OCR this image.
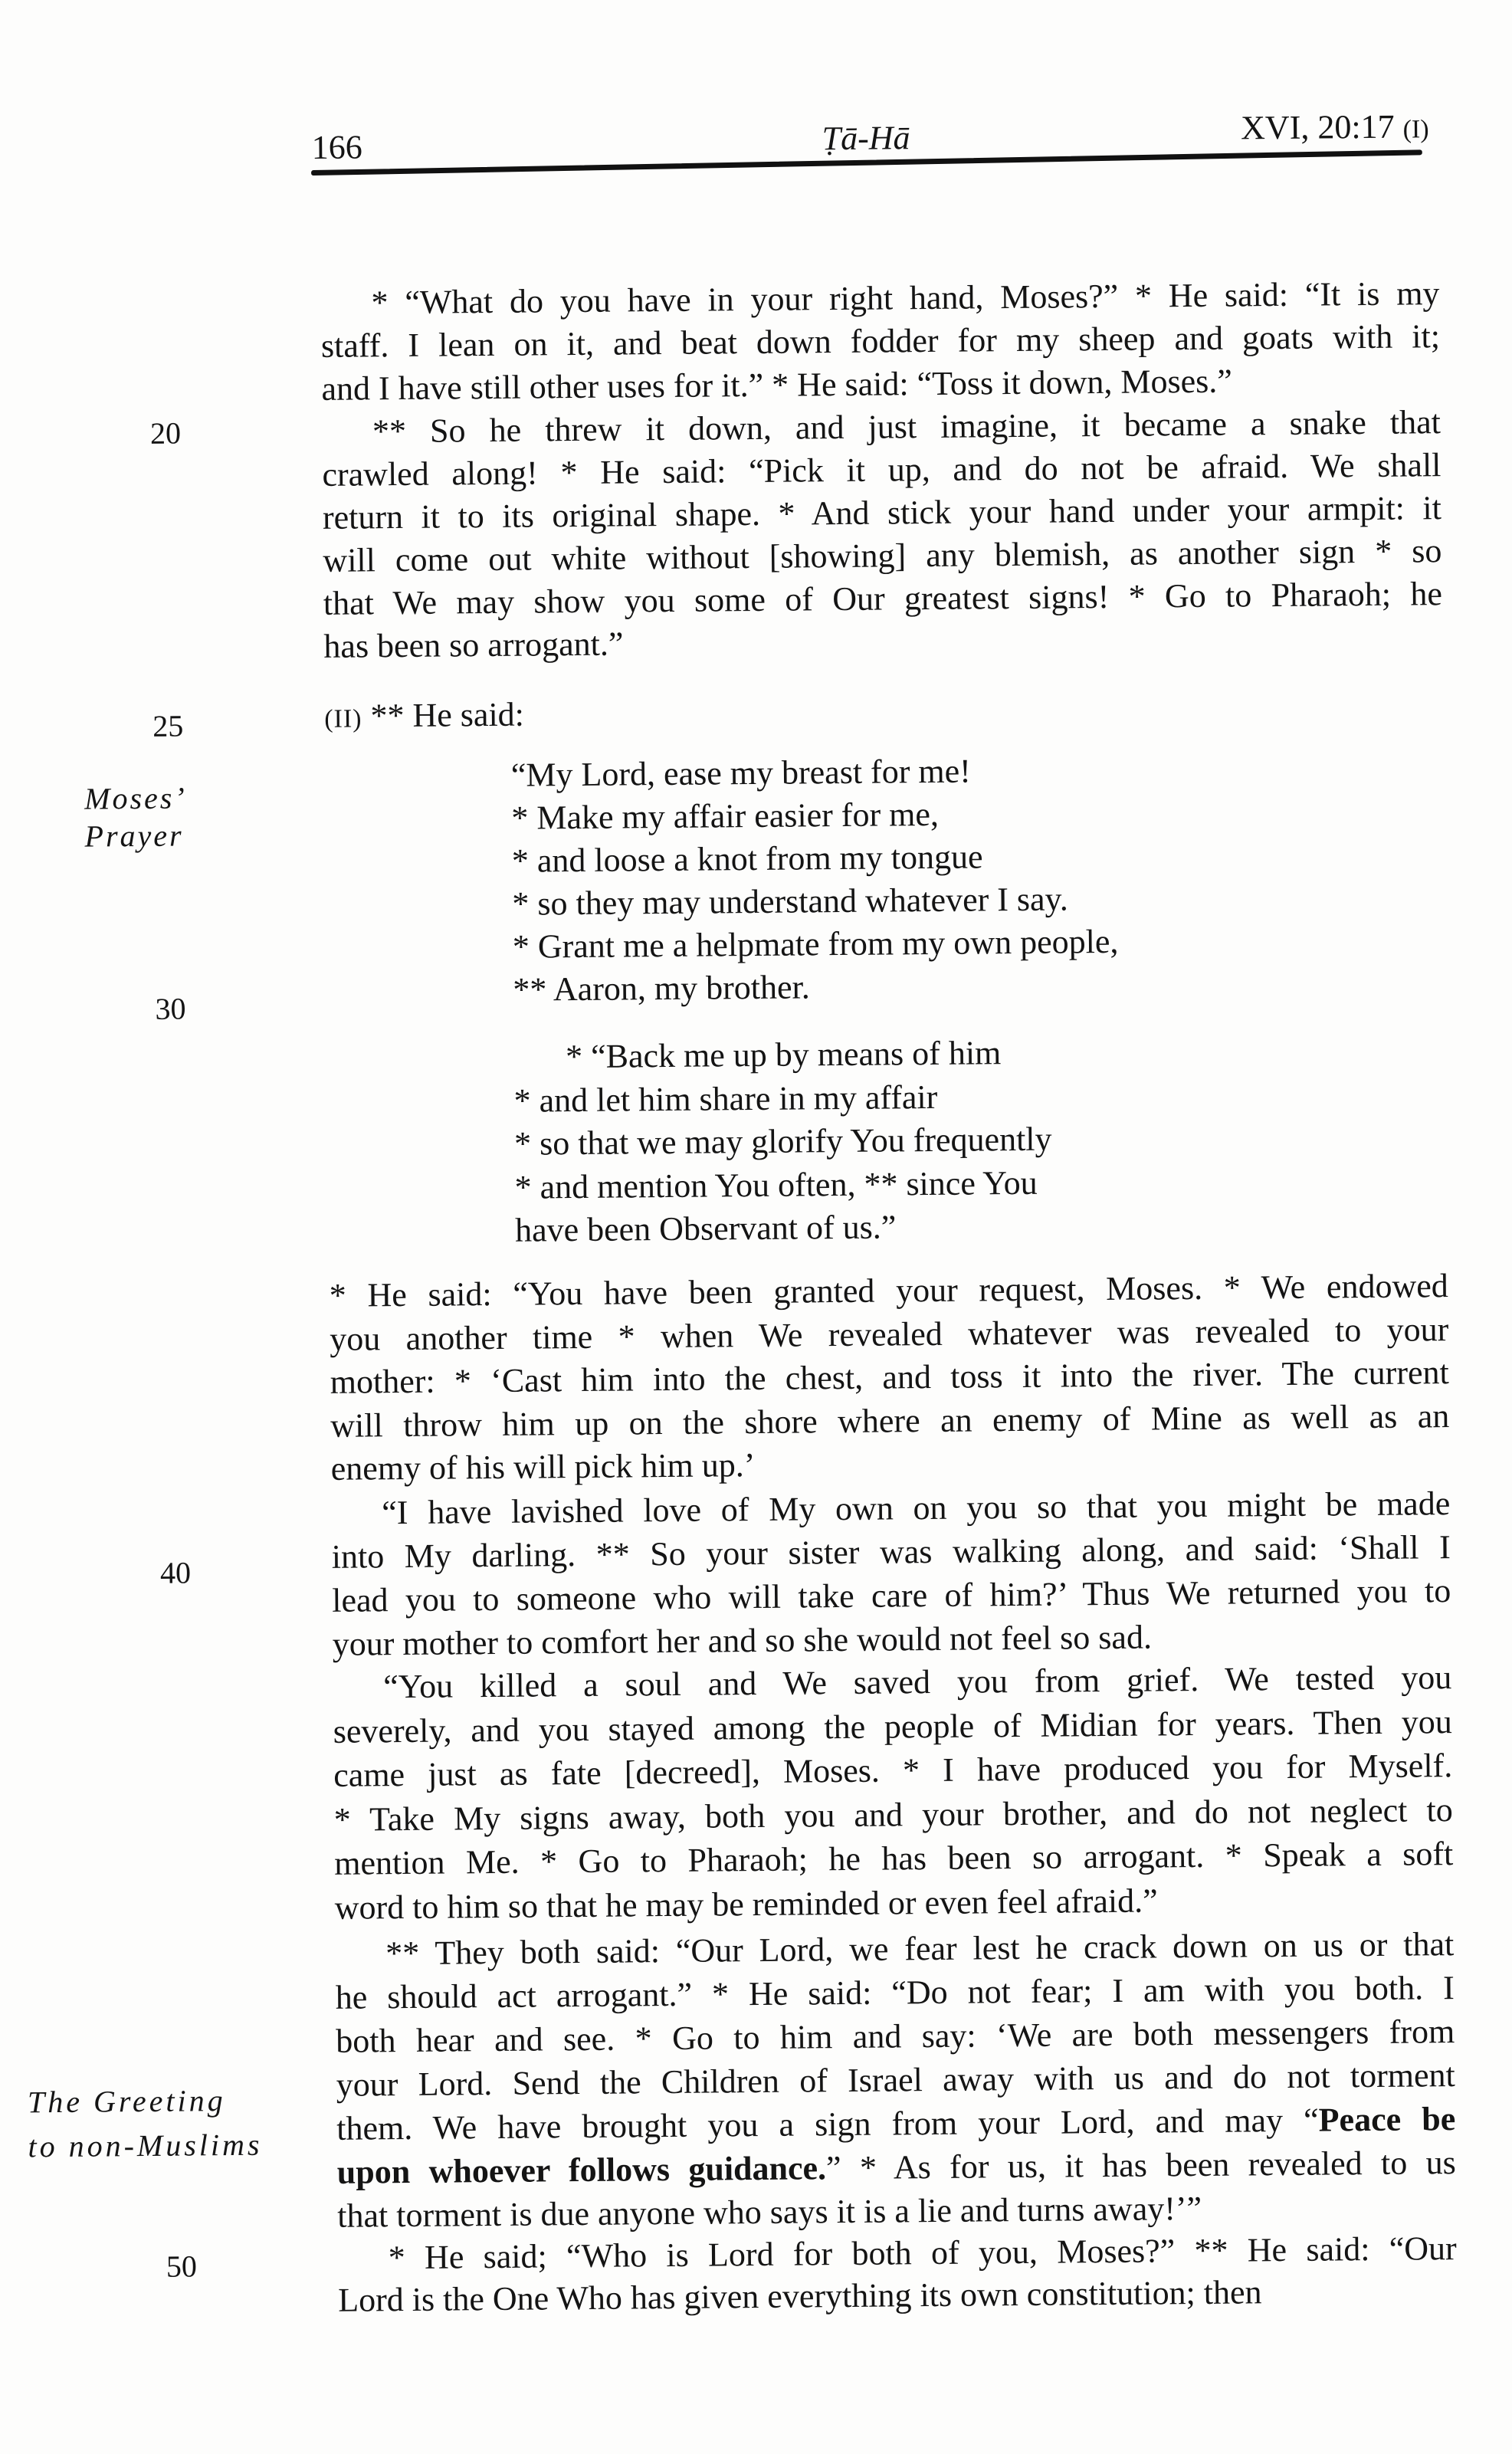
166	Ṭā-Hā	XVI, 20:17 (I)
20
25
30
40
50
Moses’
Prayer
The Greeting
to non-Muslims
* “What do you have in your right hand, Moses?” * He said: “It is my
staff. I lean on it, and beat down fodder for my sheep and goats with it;
and I have still other uses for it.” * He said: “Toss it down, Moses.”
** So he threw it down, and just imagine, it became a snake that
crawled along! * He said: “Pick it up, and do not be afraid. We shall
return it to its original shape. * And stick your hand under your armpit: it
will come out white without [showing] any blemish, as another sign * so
that We may show you some of Our greatest signs! * Go to Pharaoh; he
has been so arrogant.”
(II) ** He said:
“My Lord, ease my breast for me!
* Make my affair easier for me,
* and loose a knot from my tongue
* so they may understand whatever I say.
* Grant me a helpmate from my own people,
** Aaron, my brother.
* “Back me up by means of him
* and let him share in my affair
* so that we may glorify You frequently
* and mention You often, ** since You
have been Observant of us.”
* He said: “You have been granted your request, Moses. * We endowed
you another time * when We revealed whatever was revealed to your
mother: * ‘Cast him into the chest, and toss it into the river. The current
will throw him up on the shore where an enemy of Mine as well as an
enemy of his will pick him up.’
“I have lavished love of My own on you so that you might be made
into My darling. ** So your sister was walking along, and said: ‘Shall I
lead you to someone who will take care of him?’ Thus We returned you to
your mother to comfort her and so she would not feel so sad.
“You killed a soul and We saved you from grief. We tested you
severely, and you stayed among the people of Midian for years. Then you
came just as fate [decreed], Moses. * I have produced you for Myself.
* Take My signs away, both you and your brother, and do not neglect to
mention Me. * Go to Pharaoh; he has been so arrogant. * Speak a soft
word to him so that he may be reminded or even feel afraid.”
** They both said: “Our Lord, we fear lest he crack down on us or that
he should act arrogant.” * He said: “Do not fear; I am with you both. I
both hear and see. * Go to him and say: ‘We are both messengers from
your Lord. Send the Children of Israel away with us and do not torment
them. We have brought you a sign from your Lord, and may “Peace be
upon whoever follows guidance.” * As for us, it has been revealed to us
that torment is due anyone who says it is a lie and turns away!’”
* He said; “Who is Lord for both of you, Moses?” ** He said: “Our
Lord is the One Who has given everything its own constitution; then
